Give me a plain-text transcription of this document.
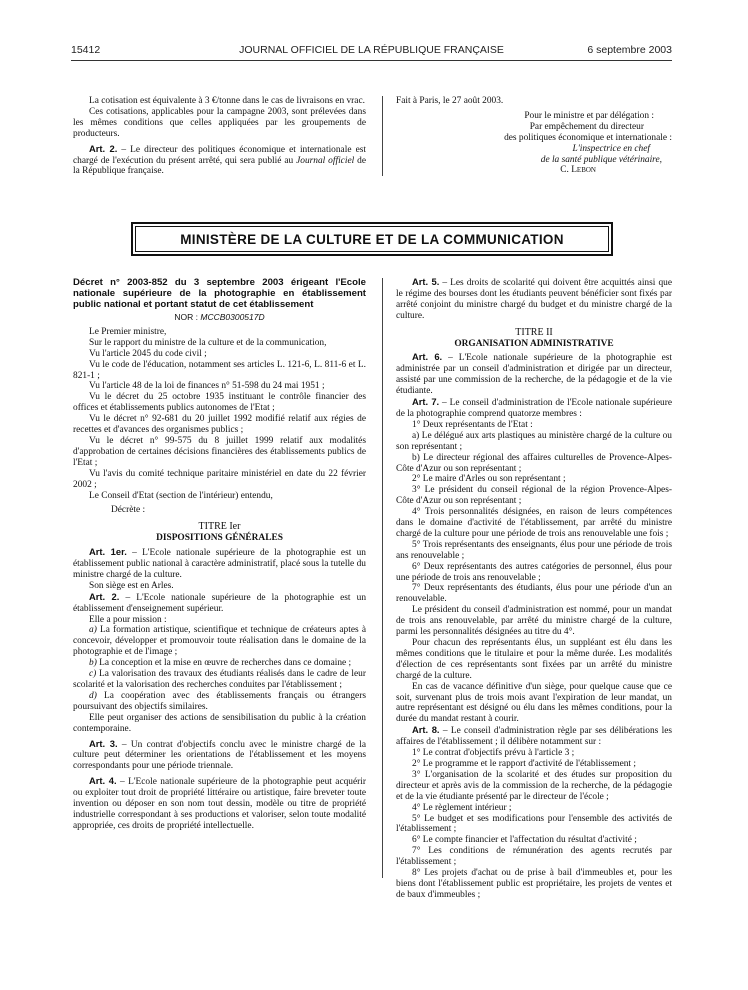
15412	JOURNAL OFFICIEL DE LA RÉPUBLIQUE FRANÇAISE	6 septembre 2003

La cotisation est équivalente à 3 €/tonne dans le cas de livraisons en vrac.

Ces cotisations, applicables pour la campagne 2003, sont prélevées dans les mêmes conditions que celles appliquées par les groupements de producteurs.

Art. 2. – Le directeur des politiques économique et internationale est chargé de l'exécution du présent arrêté, qui sera publié au Journal officiel de la République française.

Fait à Paris, le 27 août 2003.

Pour le ministre et par délégation :

Par empêchement du directeur

des politiques économique et internationale :

L'inspectrice en chef

de la santé publique vétérinaire,

C. Lebon

MINISTÈRE DE LA CULTURE ET DE LA COMMUNICATION
Décret n° 2003-852 du 3 septembre 2003 érigeant l'Ecole nationale supérieure de la photographie en établissement public national et portant statut de cet établissement
NOR : MCCB0300517D

Le Premier ministre,

Sur le rapport du ministre de la culture et de la communication,

Vu l'article 2045 du code civil ;

Vu le code de l'éducation, notamment ses articles L. 121-6, L. 811-6 et L. 821-1 ;

Vu l'article 48 de la loi de finances n° 51-598 du 24 mai 1951 ;

Vu le décret du 25 octobre 1935 instituant le contrôle financier des offices et établissements publics autonomes de l'Etat ;

Vu le décret n° 92-681 du 20 juillet 1992 modifié relatif aux régies de recettes et d'avances des organismes publics ;

Vu le décret n° 99-575 du 8 juillet 1999 relatif aux modalités d'approbation de certaines décisions financières des établissements publics de l'Etat ;

Vu l'avis du comité technique paritaire ministériel en date du 22 février 2002 ;

Le Conseil d'Etat (section de l'intérieur) entendu,

Décrète :

TITRE Ier
DISPOSITIONS GÉNÉRALES

Art. 1er. – L'Ecole nationale supérieure de la photographie est un établissement public national à caractère administratif, placé sous la tutelle du ministre chargé de la culture.

Son siège est en Arles.

Art. 2. – L'Ecole nationale supérieure de la photographie est un établissement d'enseignement supérieur.

Elle a pour mission :

a) La formation artistique, scientifique et technique de créateurs aptes à concevoir, développer et promouvoir toute réalisation dans le domaine de la photographie et de l'image ;

b) La conception et la mise en œuvre de recherches dans ce domaine ;

c) La valorisation des travaux des étudiants réalisés dans le cadre de leur scolarité et la valorisation des recherches conduites par l'établissement ;

d) La coopération avec des établissements français ou étrangers poursuivant des objectifs similaires.

Elle peut organiser des actions de sensibilisation du public à la création contemporaine.

Art. 3. – Un contrat d'objectifs conclu avec le ministre chargé de la culture peut déterminer les orientations de l'établissement et les moyens correspondants pour une période triennale.

Art. 4. – L'Ecole nationale supérieure de la photographie peut acquérir ou exploiter tout droit de propriété littéraire ou artistique, faire breveter toute invention ou déposer en son nom tout dessin, modèle ou titre de propriété industrielle correspondant à ses productions et valoriser, selon toute modalité appropriée, ces droits de propriété intellectuelle.

Art. 5. – Les droits de scolarité qui doivent être acquittés ainsi que le régime des bourses dont les étudiants peuvent bénéficier sont fixés par arrêté conjoint du ministre chargé du budget et du ministre chargé de la culture.

TITRE II
ORGANISATION ADMINISTRATIVE

Art. 6. – L'Ecole nationale supérieure de la photographie est administrée par un conseil d'administration et dirigée par un directeur, assisté par une commission de la recherche, de la pédagogie et de la vie étudiante.

Art. 7. – Le conseil d'administration de l'Ecole nationale supérieure de la photographie comprend quatorze membres :

1° Deux représentants de l'Etat :

a) Le délégué aux arts plastiques au ministère chargé de la culture ou son représentant ;

b) Le directeur régional des affaires culturelles de Provence-Alpes-Côte d'Azur ou son représentant ;

2° Le maire d'Arles ou son représentant ;

3° Le président du conseil régional de la région Provence-Alpes-Côte d'Azur ou son représentant ;

4° Trois personnalités désignées, en raison de leurs compétences dans le domaine d'activité de l'établissement, par arrêté du ministre chargé de la culture pour une période de trois ans renouvelable une fois ;

5° Trois représentants des enseignants, élus pour une période de trois ans renouvelable ;

6° Deux représentants des autres catégories de personnel, élus pour une période de trois ans renouvelable ;

7° Deux représentants des étudiants, élus pour une période d'un an renouvelable.

Le président du conseil d'administration est nommé, pour un mandat de trois ans renouvelable, par arrêté du ministre chargé de la culture, parmi les personnalités désignées au titre du 4°.

Pour chacun des représentants élus, un suppléant est élu dans les mêmes conditions que le titulaire et pour la même durée. Les modalités d'élection de ces représentants sont fixées par un arrêté du ministre chargé de la culture.

En cas de vacance définitive d'un siège, pour quelque cause que ce soit, survenant plus de trois mois avant l'expiration de leur mandat, un autre représentant est désigné ou élu dans les mêmes conditions, pour la durée du mandat restant à courir.

Art. 8. – Le conseil d'administration règle par ses délibérations les affaires de l'établissement ; il délibère notamment sur :

1° Le contrat d'objectifs prévu à l'article 3 ;

2° Le programme et le rapport d'activité de l'établissement ;

3° L'organisation de la scolarité et des études sur proposition du directeur et après avis de la commission de la recherche, de la pédagogie et de la vie étudiante présenté par le directeur de l'école ;

4° Le règlement intérieur ;

5° Le budget et ses modifications pour l'ensemble des activités de l'établissement ;

6° Le compte financier et l'affectation du résultat d'activité ;

7° Les conditions de rémunération des agents recrutés par l'établissement ;

8° Les projets d'achat ou de prise à bail d'immeubles et, pour les biens dont l'établissement public est propriétaire, les projets de ventes et de baux d'immeubles ;
